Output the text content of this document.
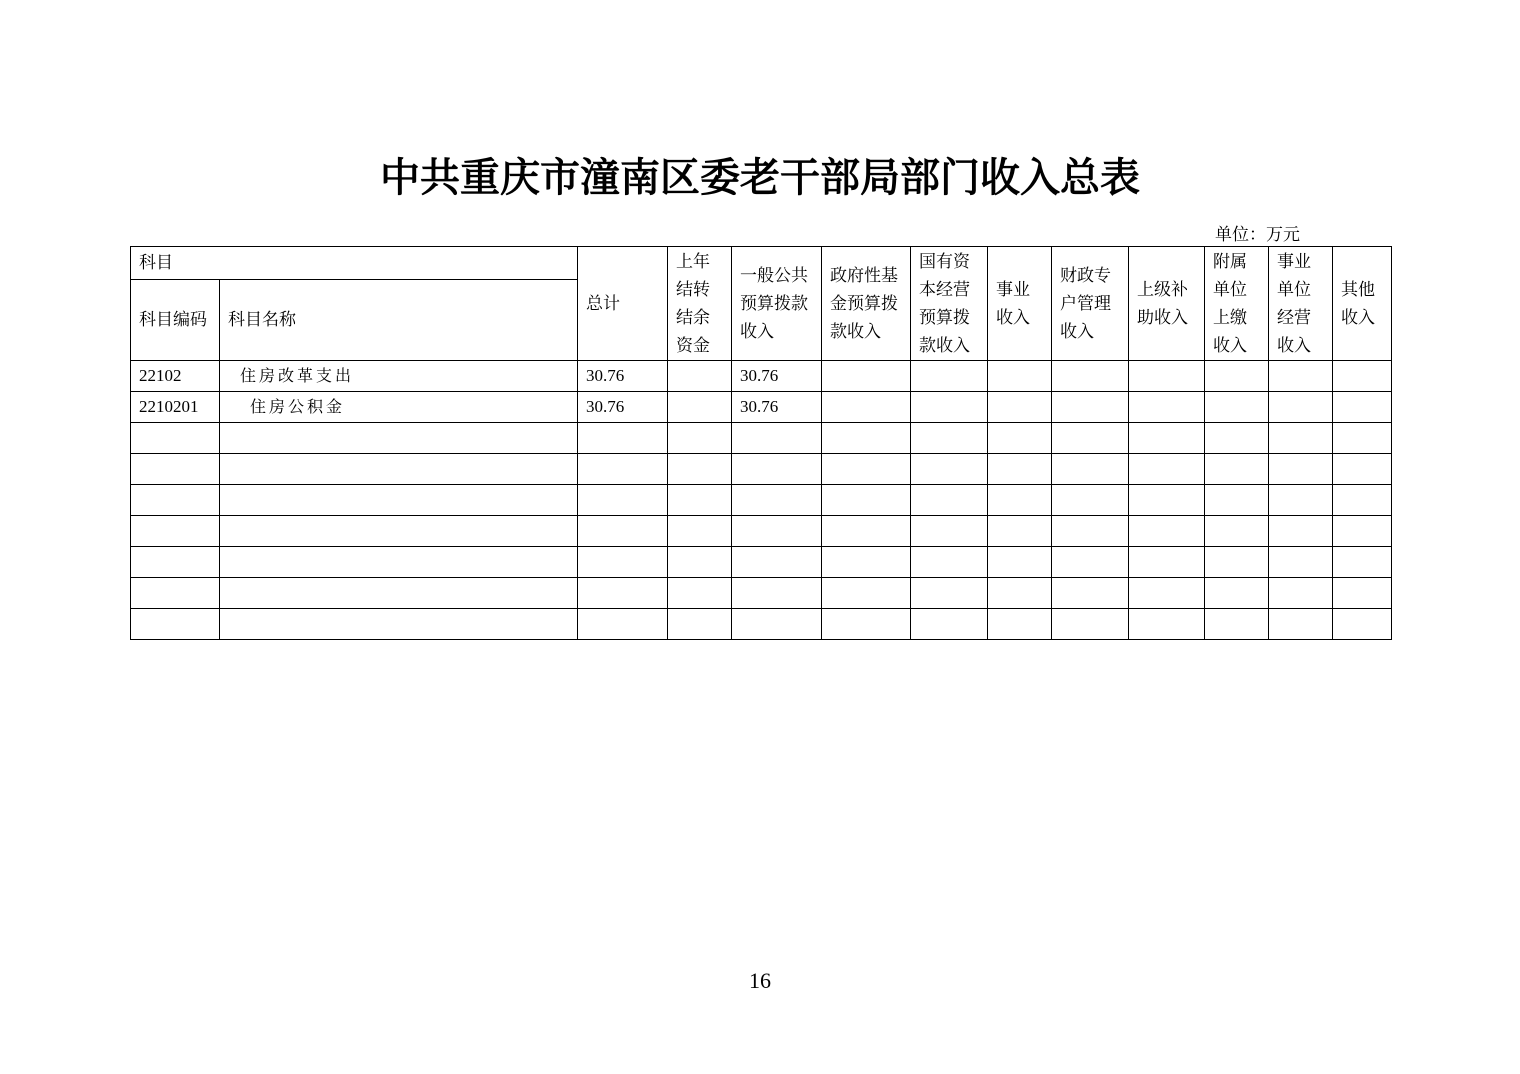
中共重庆市潼南区委老干部局部门收入总表
单位：万元
科目		总计	上年结转结余资金	一般公共预算拨款收入	政府性基金预算拨款收入	国有资本经营预算拨款收入	事业收入	财政专户管理收入	上级补助收入	附属单位上缴收入	事业单位经营收入	其他收入
科目编码	科目名称											
22102	住房改革支出	30.76		30.76								
2210201	住房公积金	30.76		30.76								

16
